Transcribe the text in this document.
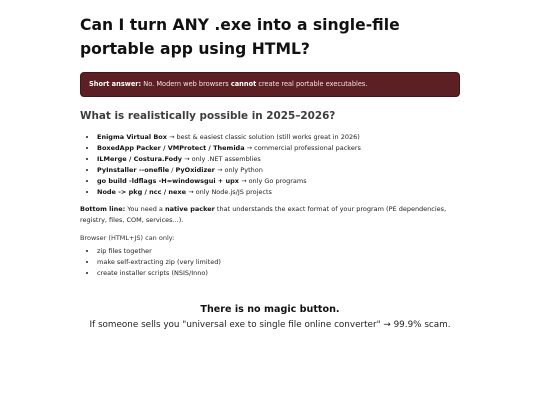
Can I turn ANY .exe into a single-file portable app using HTML?
Short answer: No. Modern web browsers cannot create real portable executables.
What is realistically possible in 2025–2026?
• Enigma Virtual Box → best & easiest classic solution (still works great in 2026)
• BoxedApp Packer / VMProtect / Themida → commercial professional packers
• ILMerge / Costura.Fody → only .NET assemblies
• PyInstaller --onefile / PyOxidizer → only Python
• go build -ldflags -H=windowsgui + upx → only Go programs
• Node -> pkg / ncc / nexe → only Node.js/JS projects

Bottom line: You need a native packer that understands the exact format of your program (PE dependencies, registry, files, COM, services...).

Browser (HTML+JS) can only:

• zip files together
• make self-extracting zip (very limited)
• create installer scripts (NSIS/Inno)
There is no magic button.
If someone sells you "universal exe to single file online converter" → 99.9% scam.
